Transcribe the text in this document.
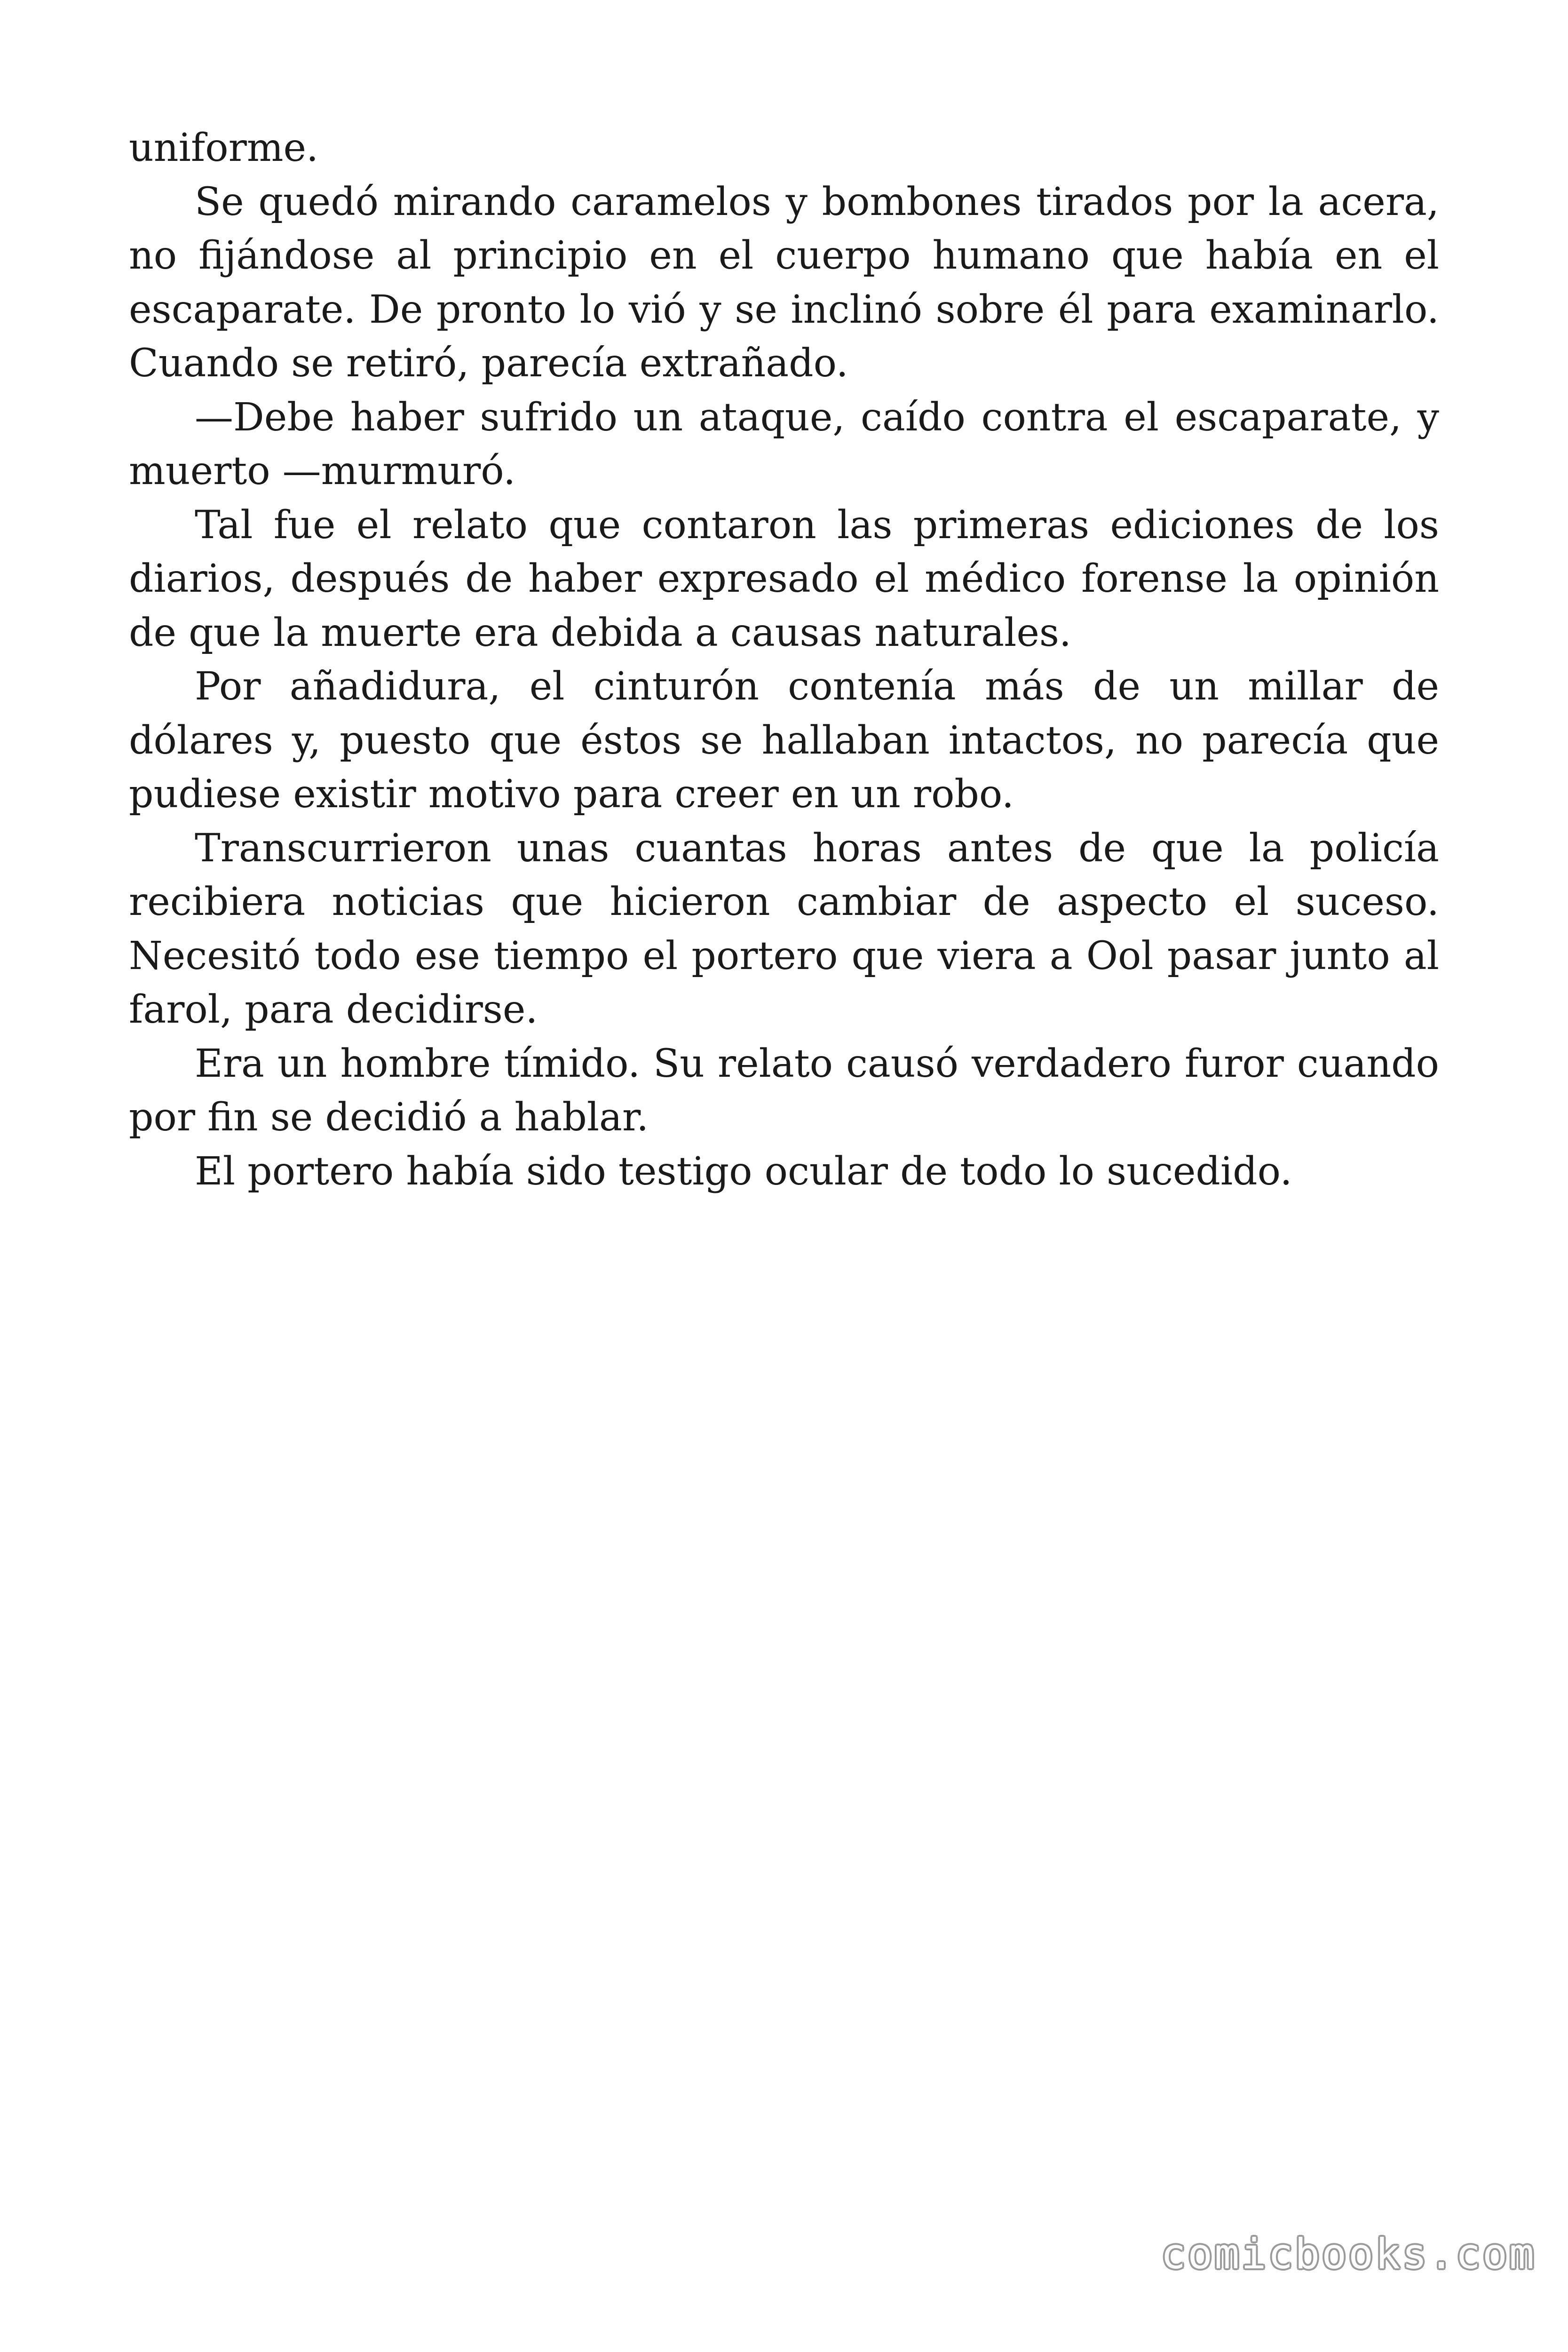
uniforme.

Se quedó mirando caramelos y bombones tirados por la acera, no fijándose al principio en el cuerpo humano que había en el escaparate. De pronto lo vió y se inclinó sobre él para examinarlo. Cuando se retiró, parecía extrañado.

—Debe haber sufrido un ataque, caído contra el escaparate, y muerto —murmuró.

Tal fue el relato que contaron las primeras ediciones de los diarios, después de haber expresado el médico forense la opinión de que la muerte era debida a causas naturales.

Por añadidura, el cinturón contenía más de un millar de dólares y, puesto que éstos se hallaban intactos, no parecía que pudiese existir motivo para creer en un robo.

Transcurrieron unas cuantas horas antes de que la policía recibiera noticias que hicieron cambiar de aspecto el suceso. Necesitó todo ese tiempo el portero que viera a Ool pasar junto al farol, para decidirse.

Era un hombre tímido. Su relato causó verdadero furor cuando por fin se decidió a hablar.

El portero había sido testigo ocular de todo lo sucedido.

comicbooks.com
